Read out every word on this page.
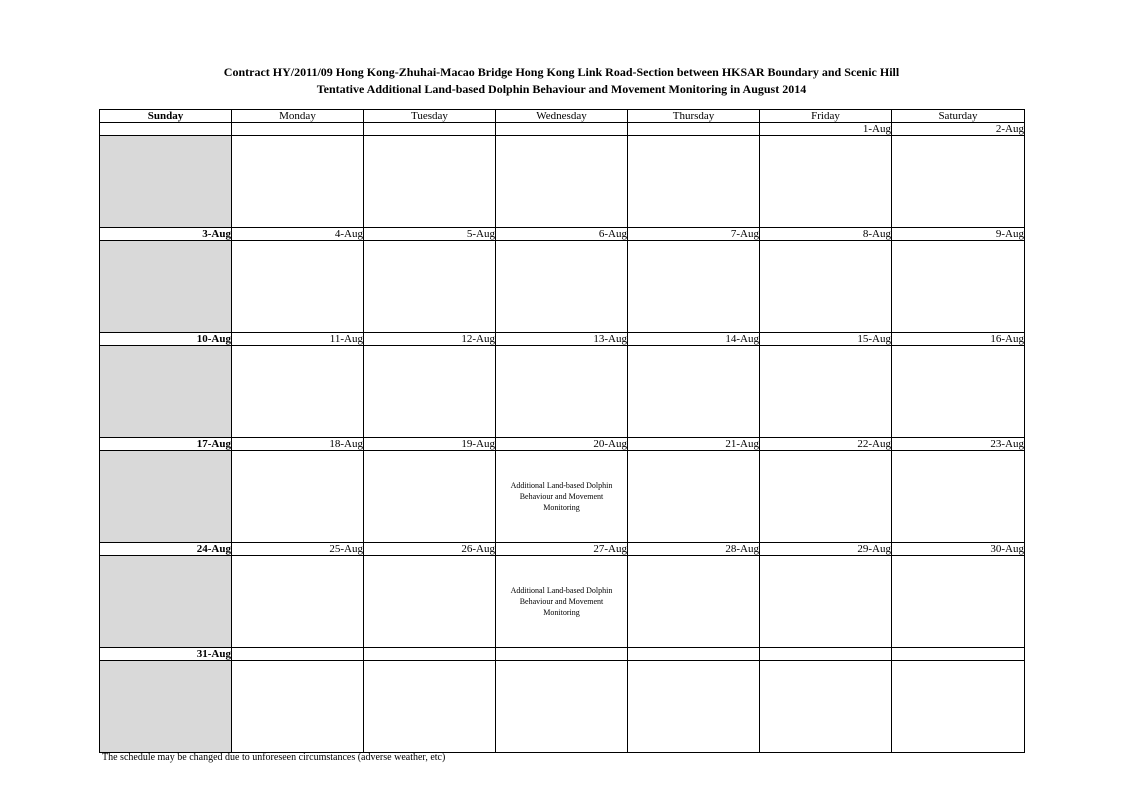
Contract HY/2011/09 Hong Kong-Zhuhai-Macao Bridge Hong Kong Link Road-Section between HKSAR Boundary and Scenic Hill
Tentative Additional Land-based Dolphin Behaviour and Movement Monitoring in August 2014
Sunday	Monday	Tuesday	Wednesday	Thursday	Friday	Saturday
					1-Aug	2-Aug

3-Aug	4-Aug	5-Aug	6-Aug	7-Aug	8-Aug	9-Aug

10-Aug	11-Aug	12-Aug	13-Aug	14-Aug	15-Aug	16-Aug

17-Aug	18-Aug	19-Aug	20-Aug	21-Aug	22-Aug	23-Aug

			Additional Land-based Dolphin Behaviour and Movement Monitoring			

24-Aug	25-Aug	26-Aug	27-Aug	28-Aug	29-Aug	30-Aug

			Additional Land-based Dolphin Behaviour and Movement Monitoring			

31-Aug						

The schedule may be changed due to unforeseen circumstances (adverse weather, etc)
